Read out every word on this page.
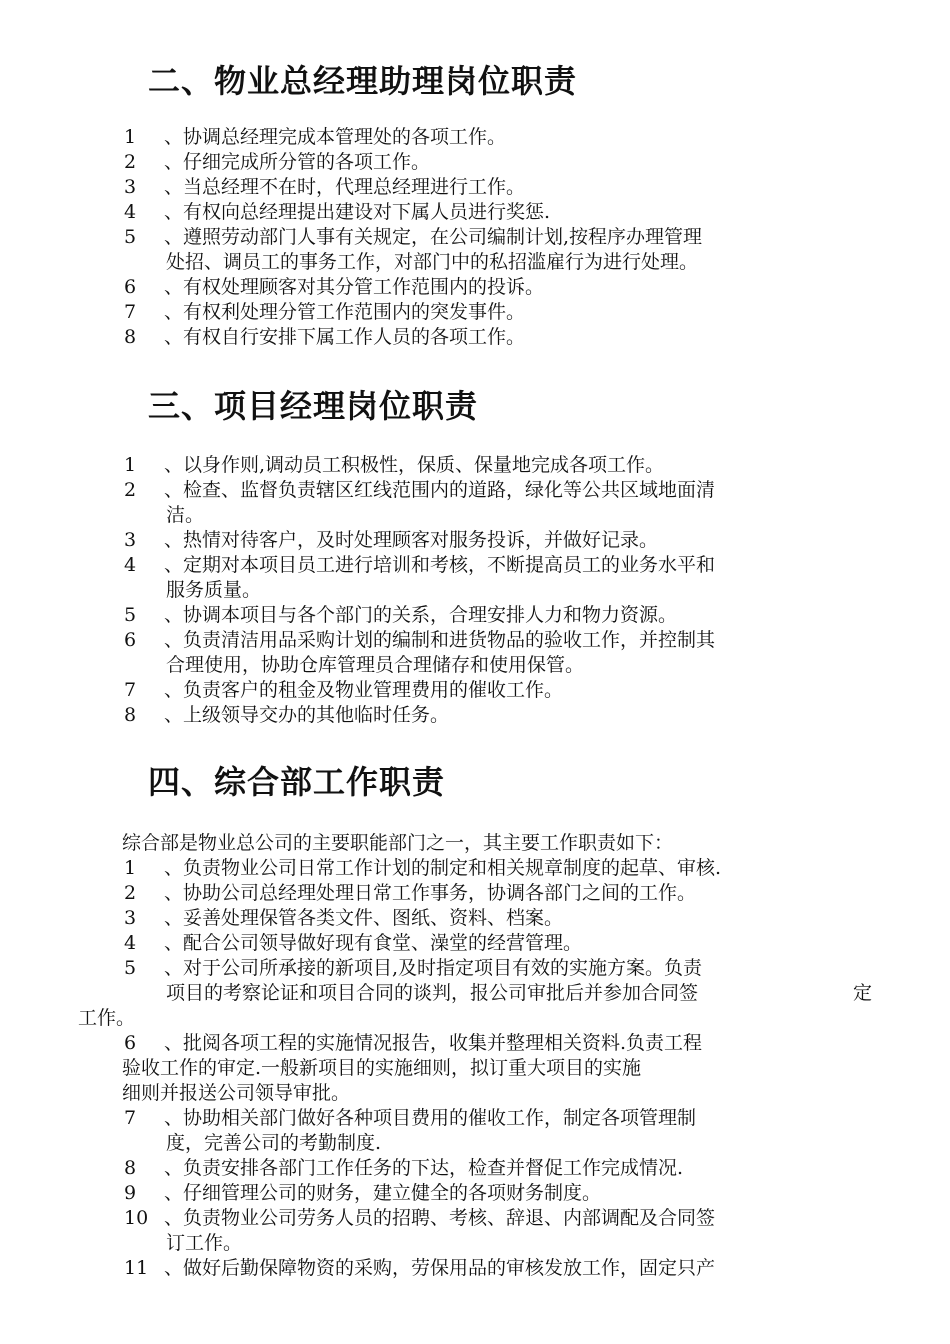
二、物业总经理助理岗位职责
1 、协调总经理完成本管理处的各项工作。
2 、仔细完成所分管的各项工作。
3 、当总经理不在时，代理总经理进行工作。
4 、有权向总经理提出建设对下属人员进行奖惩.
5 、遵照劳动部门人事有关规定，在公司编制计划,按程序办理管理
处招、调员工的事务工作，对部门中的私招滥雇行为进行处理。
6 、有权处理顾客对其分管工作范围内的投诉。
7 、有权利处理分管工作范围内的突发事件。
8 、有权自行安排下属工作人员的各项工作。
三、项目经理岗位职责
1 、以身作则,调动员工积极性，保质、保量地完成各项工作。
2 、检查、监督负责辖区红线范围内的道路，绿化等公共区域地面清
洁。
3 、热情对待客户，及时处理顾客对服务投诉，并做好记录。
4 、定期对本项目员工进行培训和考核，不断提高员工的业务水平和
服务质量。
5 、协调本项目与各个部门的关系，合理安排人力和物力资源。
6 、负责清洁用品采购计划的编制和进货物品的验收工作，并控制其
合理使用，协助仓库管理员合理储存和使用保管。
7 、负责客户的租金及物业管理费用的催收工作。
8 、上级领导交办的其他临时任务。
四、综合部工作职责
综合部是物业总公司的主要职能部门之一，其主要工作职责如下：
1 、负责物业公司日常工作计划的制定和相关规章制度的起草、审核.
2 、协助公司总经理处理日常工作事务，协调各部门之间的工作。
3 、妥善处理保管各类文件、图纸、资料、档案。
4 、配合公司领导做好现有食堂、澡堂的经营管理。
5 、对于公司所承接的新项目,及时指定项目有效的实施方案。负责
项目的考察论证和项目合同的谈判，报公司审批后并参加合同签	定
工作。
6 、批阅各项工程的实施情况报告，收集并整理相关资料.负责工程
验收工作的审定.一般新项目的实施细则，拟订重大项目的实施
细则并报送公司领导审批。
7 、协助相关部门做好各种项目费用的催收工作，制定各项管理制
度，完善公司的考勤制度.
8 、负责安排各部门工作任务的下达，检查并督促工作完成情况.
9 、仔细管理公司的财务，建立健全的各项财务制度。
10 、负责物业公司劳务人员的招聘、考核、辞退、内部调配及合同签
订工作。
11 、做好后勤保障物资的采购，劳保用品的审核发放工作，固定只产
